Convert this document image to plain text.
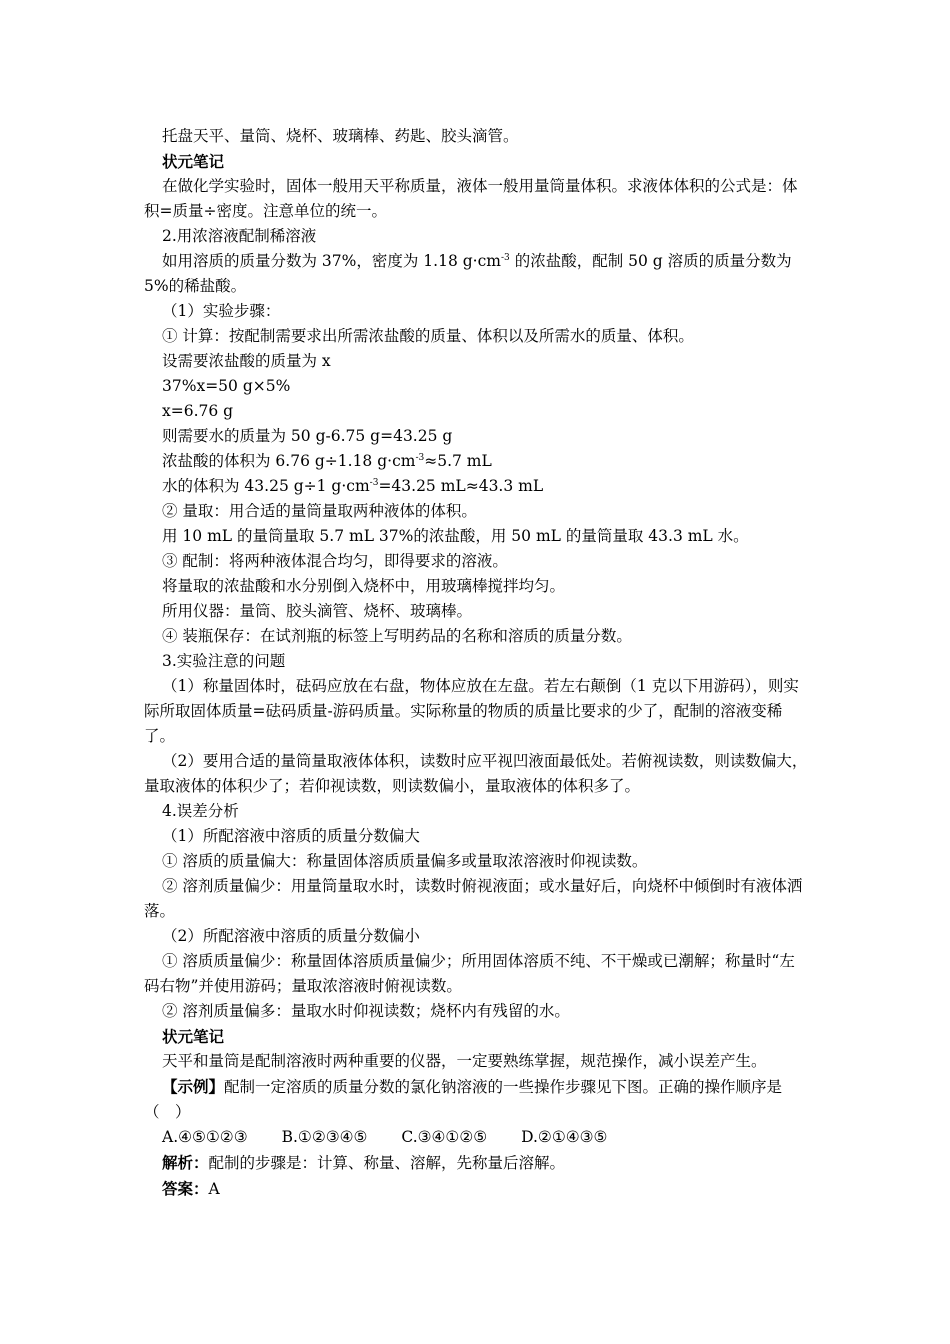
托盘天平、量筒、烧杯、玻璃棒、药匙、胶头滴管。

状元笔记

在做化学实验时，固体一般用天平称质量，液体一般用量筒量体积。求液体体积的公式是：体积=质量÷密度。注意单位的统一。

2.用浓溶液配制稀溶液

如用溶质的质量分数为 37%，密度为 1.18 $g\cdot cm^{-3}$ 的浓盐酸，配制 50 g 溶质的质量分数为 5%的稀盐酸。

（1）实验步骤：

① 计算：按配制需要求出所需浓盐酸的质量、体积以及所需水的质量、体积。

设需要浓盐酸的质量为 x

37%x=50 g×5%

x=6.76 g

则需要水的质量为 50 g-6.75 g=43.25 g

浓盐酸的体积为 6.76 g÷1.18 $g\cdot cm^{-3}\approx 5.7$ mL

水的体积为 43.25 g÷1 $g\cdot cm^{-3}=43.25$ mL≈43.3 mL

② 量取：用合适的量筒量取两种液体的体积。

用 10 mL 的量筒量取 5.7 mL 37%的浓盐酸，用 50 mL 的量筒量取 43.3 mL 水。

③ 配制：将两种液体混合均匀，即得要求的溶液。

将量取的浓盐酸和水分别倒入烧杯中，用玻璃棒搅拌均匀。

所用仪器：量筒、胶头滴管、烧杯、玻璃棒。

④ 装瓶保存：在试剂瓶的标签上写明药品的名称和溶质的质量分数。

3.实验注意的问题

（1）称量固体时，砝码应放在右盘，物体应放在左盘。若左右颠倒（1 克以下用游码），则实际所取固体质量=砝码质量-游码质量。实际称量的物质的质量比要求的少了，配制的溶液变稀了。

（2）要用合适的量筒量取液体体积，读数时应平视凹液面最低处。若俯视读数，则读数偏大，量取液体的体积少了；若仰视读数，则读数偏小，量取液体的体积多了。

4.误差分析

（1）所配溶液中溶质的质量分数偏大

① 溶质的质量偏大：称量固体溶质质量偏多或量取浓溶液时仰视读数。

② 溶剂质量偏少：用量筒量取水时，读数时俯视液面；或水量好后，向烧杯中倾倒时有液体洒落。

（2）所配溶液中溶质的质量分数偏小

① 溶质质量偏少：称量固体溶质质量偏少；所用固体溶质不纯、不干燥或已潮解；称量时“左码右物”并使用游码；量取浓溶液时俯视读数。

② 溶剂质量偏多：量取水时仰视读数；烧杯内有残留的水。

状元笔记

天平和量筒是配制溶液时两种重要的仪器，一定要熟练掌握，规范操作，减小误差产生。

【示例】配制一定溶质的质量分数的氯化钠溶液的一些操作步骤见下图。正确的操作顺序是（　）

A.④⑤①②③ B.①②③④⑤ C.③④①②⑤ D.②①④③⑤

解析：配制的步骤是：计算、称量、溶解，先称量后溶解。

答案：A
